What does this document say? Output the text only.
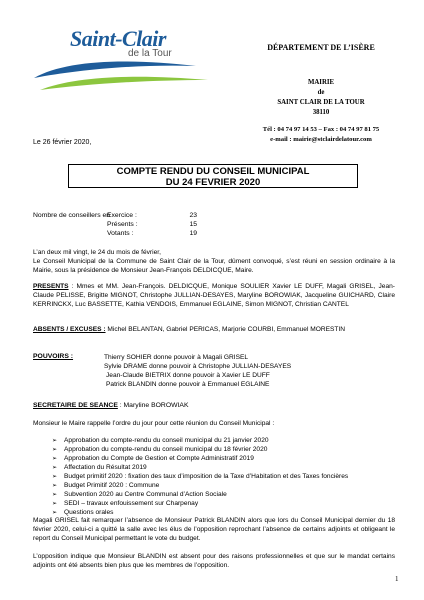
Saint-Clair
de la Tour
DÉPARTEMENT DE L’ISÈRE
MAIRIE
de
SAINT CLAIR DE LA TOUR
38110
Tél : 04 74 97 14 53 – Fax : 04 74 97 81 75
e-mail : mairie@stclairdelatour.com
Le 26 février 2020,
COMPTE RENDU DU CONSEIL MUNICIPAL
DU 24 FEVRIER 2020
Nombre de conseillers en
Exercice :	23
Présents :	15
Votants :	19
L’an deux mil vingt, le 24 du mois de février,
Le Conseil Municipal de la Commune de Saint Clair de la Tour, dûment convoqué, s’est réuni en session ordinaire à la Mairie, sous la présidence de Monsieur Jean-François DELDICQUE, Maire.
PRESENTS : Mmes et MM. Jean-François. DELDICQUE, Monique SOULIER Xavier LE DUFF, Magali GRISEL, Jean-Claude PELISSE, Brigitte MIGNOT, Christophe JULLIAN-DESAYES, Maryline BOROWIAK, Jacqueline GUICHARD, Claire KERRINCKX, Luc BASSETTE, Kathia VENDOIS, Emmanuel EGLAINE, Simon MIGNOT, Christian CANTEL
ABSENTS / EXCUSES : Michel BELANTAN, Gabriel PERICAS, Marjorie COURBI, Emmanuel MORESTIN
POUVOIRS :	Thierry SOHIER donne pouvoir à Magali GRISEL
Sylvie DRAME donne pouvoir à Christophe JULLIAN-DESAYES
Jean-Claude BIETRIX donne pouvoir à Xavier LE DUFF
Patrick BLANDIN donne pouvoir à Emmanuel EGLAINE
SECRETAIRE DE SEANCE : Maryline BOROWIAK
Monsieur le Maire rappelle l’ordre du jour pour cette réunion du Conseil Municipal :
➢ Approbation du compte-rendu du conseil municipal du 21 janvier 2020
➢ Approbation du compte-rendu du conseil municipal du 18 février 2020
➢ Approbation du Compte de Gestion et Compte Administratif 2019
➢ Affectation du Résultat 2019
➢ Budget primitif 2020 : fixation des taux d’imposition de la Taxe d’Habitation et des Taxes foncières
➢ Budget Primitif 2020 : Commune
➢ Subvention 2020 au Centre Communal d’Action Sociale
➢ SEDI – travaux enfouissement sur Charpenay
➢ Questions orales
Magali GRISEL fait remarquer l’absence de Monsieur Patrick BLANDIN alors que lors du Conseil Municipal dernier du 18 février 2020, celui-ci a quitté la salle avec les élus de l’opposition reprochant l’absence de certains adjoints et obligeant le report du Conseil Municipal permettant le vote du budget.
L’opposition indique que Monsieur BLANDIN est absent pour des raisons professionnelles et que sur le mandat certains adjoints ont été absents bien plus que les membres de l’opposition.
1
